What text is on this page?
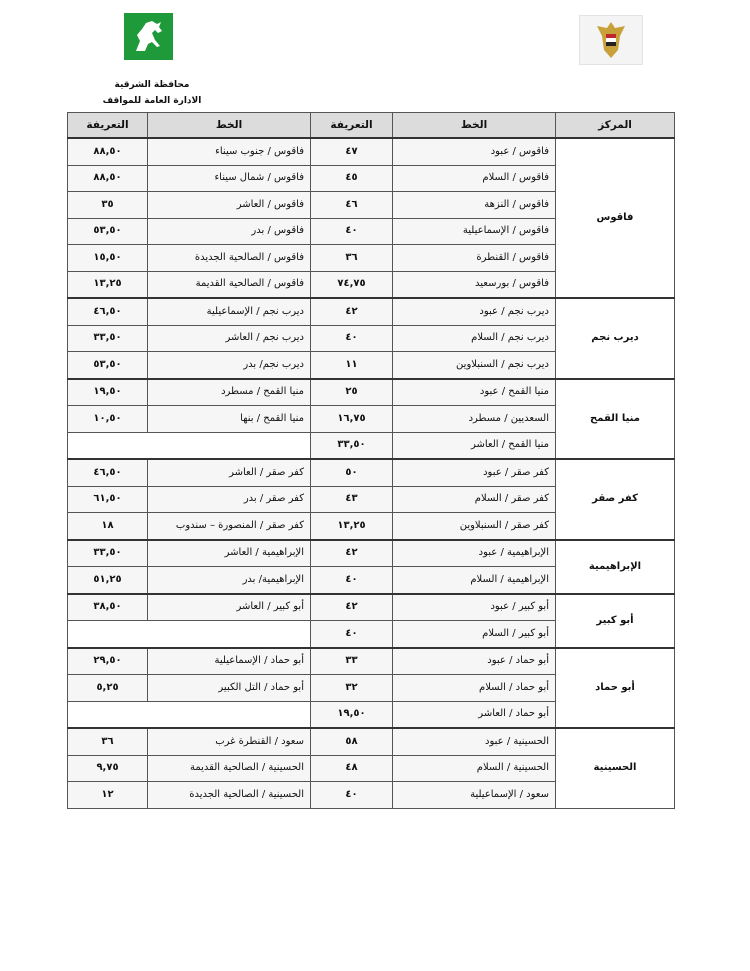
محافظة الشرقية
الادارة العامة للمواقف
المركز	الخط	التعريفة	الخط	التعريفة
فاقوس	فاقوس / عبود	٤٧	فاقوس / جنوب سيناء	٨٨,٥٠
	فاقوس / السلام	٤٥	فاقوس / شمال سيناء	٨٨,٥٠
	فاقوس / النزهة	٤٦	فاقوس / العاشر	٣٥
	فاقوس / الإسماعيلية	٤٠	فاقوس / بدر	٥٣,٥٠
	فاقوس / القنطرة	٣٦	فاقوس / الصالحية الجديدة	١٥,٥٠
	فاقوس / بورسعيد	٧٤,٧٥	فاقوس / الصالحية القديمة	١٣,٢٥
ديرب نجم	ديرب نجم / عبود	٤٢	ديرب نجم / الإسماعيلية	٤٦,٥٠
	ديرب نجم / السلام	٤٠	ديرب نجم / العاشر	٣٣,٥٠
	ديرب نجم / السنبلاوين	١١	ديرب نجم/ بدر	٥٣,٥٠
منيا القمح	منيا القمح / عبود	٢٥	منيا القمح / مسطرد	١٩,٥٠
	السعديين / مسطرد	١٦,٧٥	منيا القمح / بنها	١٠,٥٠
	منيا القمح / العاشر	٣٣,٥٠		
كفر صقر	كفر صقر / عبود	٥٠	كفر صقر / العاشر	٤٦,٥٠
	كفر صقر / السلام	٤٣	كفر صقر / بدر	٦١,٥٠
	كفر صقر / السنبلاوين	١٣,٢٥	كفر صقر / المنصورة – سندوب	١٨
الإبراهيمية	الإبراهيمية / عبود	٤٢	الإبراهيمية / العاشر	٣٣,٥٠
	الإبراهيمية / السلام	٤٠	الإبراهيمية/ بدر	٥١,٢٥
أبو كبير	أبو كبير / عبود	٤٢	أبو كبير / العاشر	٣٨,٥٠
	أبو كبير / السلام	٤٠		
أبو حماد	أبو حماد / عبود	٣٣	أبو حماد / الإسماعيلية	٢٩,٥٠
	أبو حماد / السلام	٣٢	أبو حماد / التل الكبير	٥,٢٥
	أبو حماد / العاشر	١٩,٥٠		
الحسينية	الحسينية / عبود	٥٨	سعود / القنطرة غرب	٣٦
	الحسينية / السلام	٤٨	الحسينية / الصالحية القديمة	٩,٧٥
	سعود / الإسماعيلية	٤٠	الحسينية / الصالحية الجديدة	١٢
